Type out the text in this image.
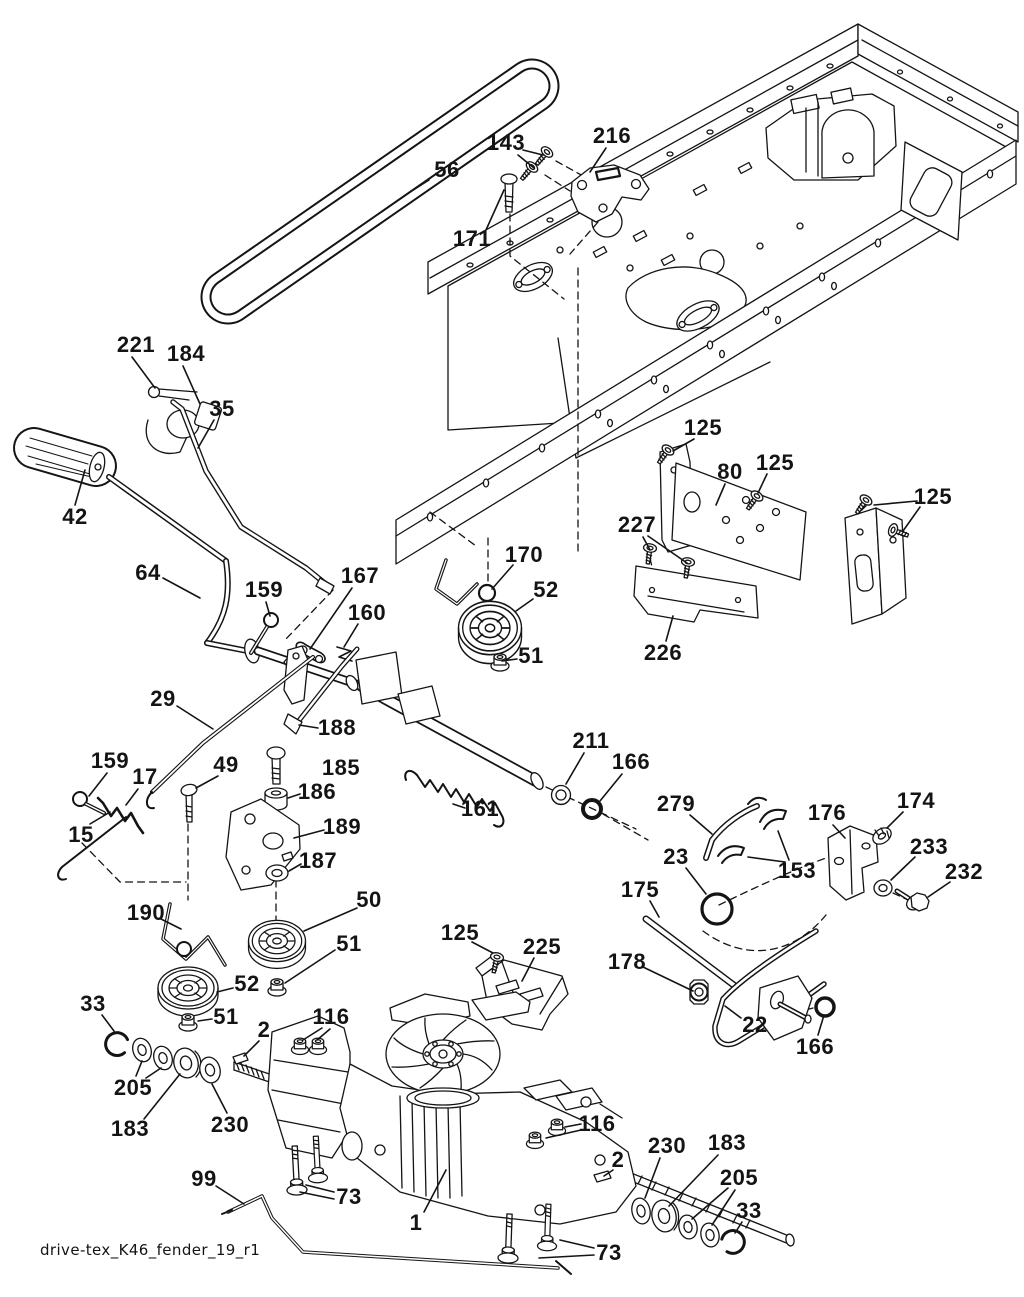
56
143	216
171
221 184
35
42
64
159
167
160
170
52
51
125
80 125
125
227
226
29
188
159
17	49
15
185
186
189
187
190
50
51
52
51
33
205
183	230
99
73
116
2
211
166
161	279
23
175
176 174
233
232
153
22
166
178
125
225
116
2
230 183
205
33
73
1
drive-tex_K46_fender_19_r1
